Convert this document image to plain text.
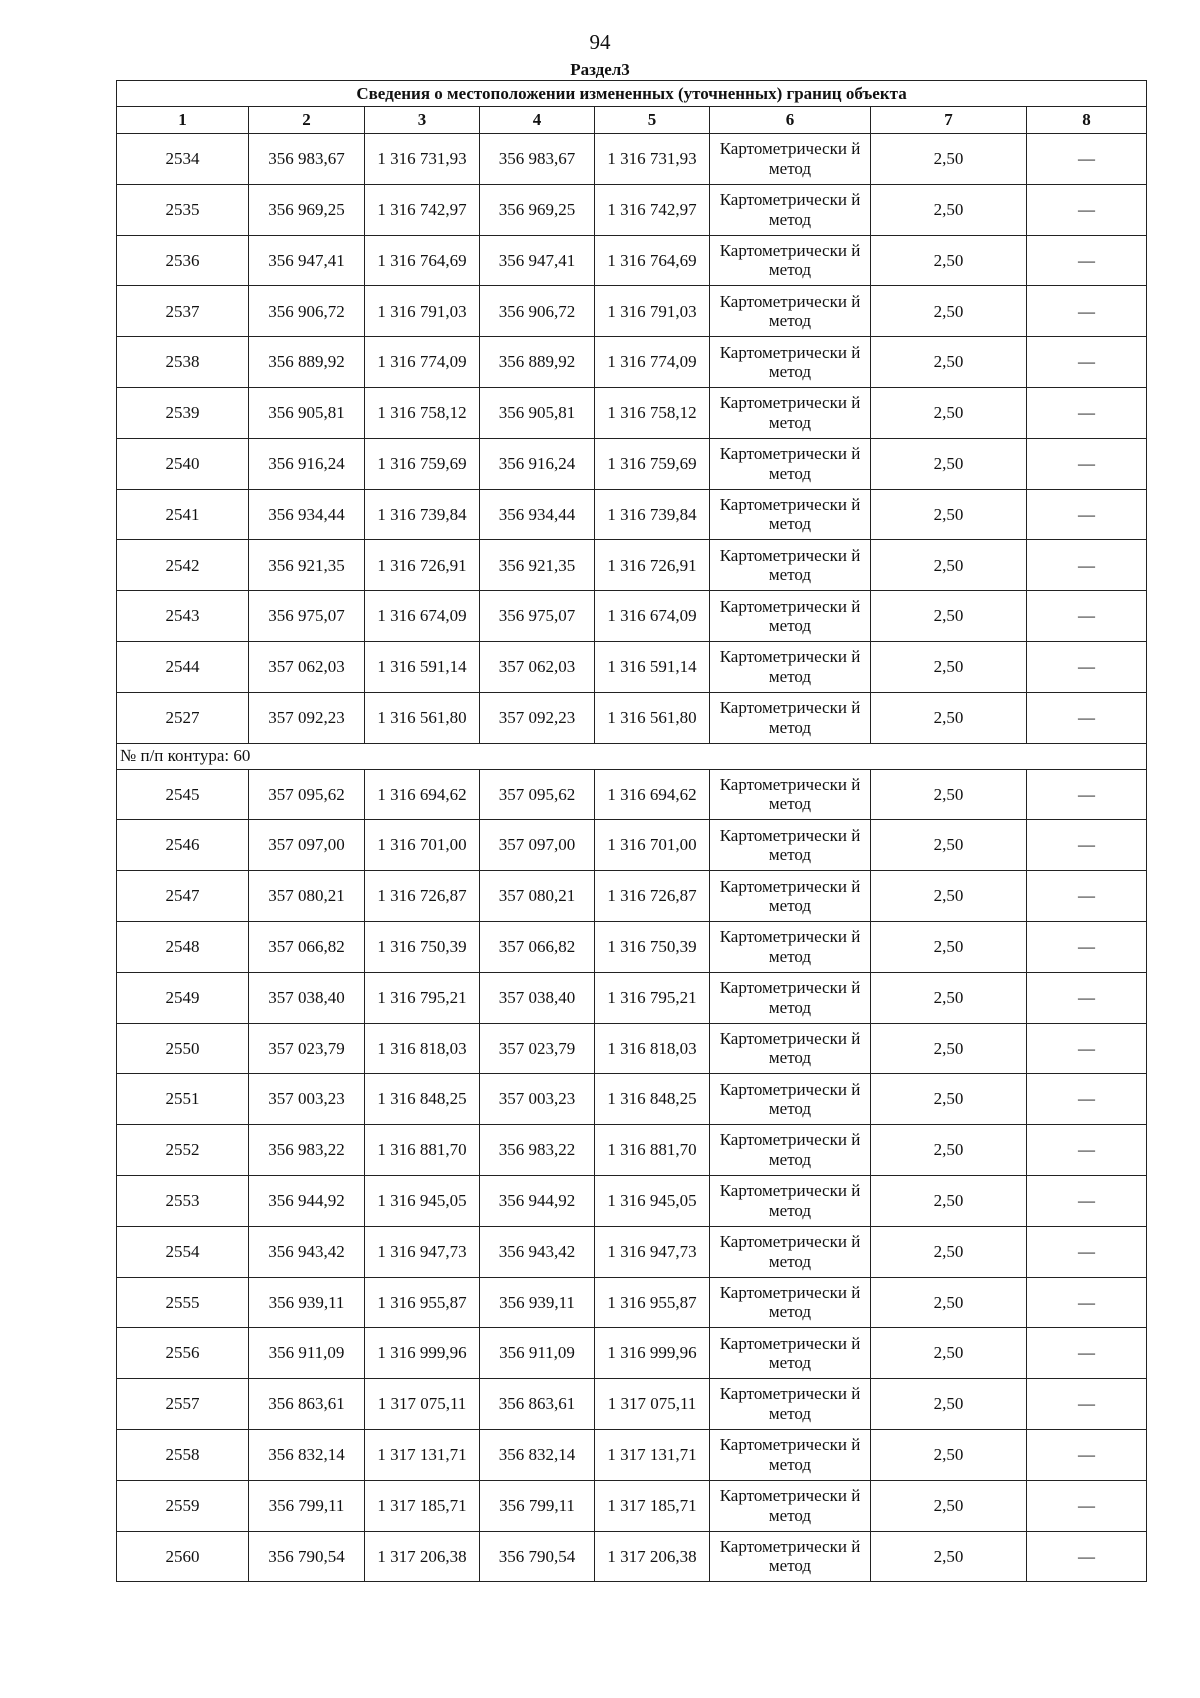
94
Раздел3
Сведения о местоположении измененных (уточненных) границ объекта							
1	2	3	4	5	6	7	8
2534	356 983,67	1 316 731,93	356 983,67	1 316 731,93	Картометрически й метод	2,50	—
2535	356 969,25	1 316 742,97	356 969,25	1 316 742,97	Картометрически й метод	2,50	—
2536	356 947,41	1 316 764,69	356 947,41	1 316 764,69	Картометрически й метод	2,50	—
2537	356 906,72	1 316 791,03	356 906,72	1 316 791,03	Картометрически й метод	2,50	—
2538	356 889,92	1 316 774,09	356 889,92	1 316 774,09	Картометрически й метод	2,50	—
2539	356 905,81	1 316 758,12	356 905,81	1 316 758,12	Картометрически й метод	2,50	—
2540	356 916,24	1 316 759,69	356 916,24	1 316 759,69	Картометрически й метод	2,50	—
2541	356 934,44	1 316 739,84	356 934,44	1 316 739,84	Картометрически й метод	2,50	—
2542	356 921,35	1 316 726,91	356 921,35	1 316 726,91	Картометрически й метод	2,50	—
2543	356 975,07	1 316 674,09	356 975,07	1 316 674,09	Картометрически й метод	2,50	—
2544	357 062,03	1 316 591,14	357 062,03	1 316 591,14	Картометрически й метод	2,50	—
2527	357 092,23	1 316 561,80	357 092,23	1 316 561,80	Картометрически й метод	2,50	—
№ п/п контура: 60							
2545	357 095,62	1 316 694,62	357 095,62	1 316 694,62	Картометрически й метод	2,50	—
2546	357 097,00	1 316 701,00	357 097,00	1 316 701,00	Картометрически й метод	2,50	—
2547	357 080,21	1 316 726,87	357 080,21	1 316 726,87	Картометрически й метод	2,50	—
2548	357 066,82	1 316 750,39	357 066,82	1 316 750,39	Картометрически й метод	2,50	—
2549	357 038,40	1 316 795,21	357 038,40	1 316 795,21	Картометрически й метод	2,50	—
2550	357 023,79	1 316 818,03	357 023,79	1 316 818,03	Картометрически й метод	2,50	—
2551	357 003,23	1 316 848,25	357 003,23	1 316 848,25	Картометрически й метод	2,50	—
2552	356 983,22	1 316 881,70	356 983,22	1 316 881,70	Картометрически й метод	2,50	—
2553	356 944,92	1 316 945,05	356 944,92	1 316 945,05	Картометрически й метод	2,50	—
2554	356 943,42	1 316 947,73	356 943,42	1 316 947,73	Картометрически й метод	2,50	—
2555	356 939,11	1 316 955,87	356 939,11	1 316 955,87	Картометрически й метод	2,50	—
2556	356 911,09	1 316 999,96	356 911,09	1 316 999,96	Картометрически й метод	2,50	—
2557	356 863,61	1 317 075,11	356 863,61	1 317 075,11	Картометрически й метод	2,50	—
2558	356 832,14	1 317 131,71	356 832,14	1 317 131,71	Картометрически й метод	2,50	—
2559	356 799,11	1 317 185,71	356 799,11	1 317 185,71	Картометрически й метод	2,50	—
2560	356 790,54	1 317 206,38	356 790,54	1 317 206,38	Картометрически й метод	2,50	—
